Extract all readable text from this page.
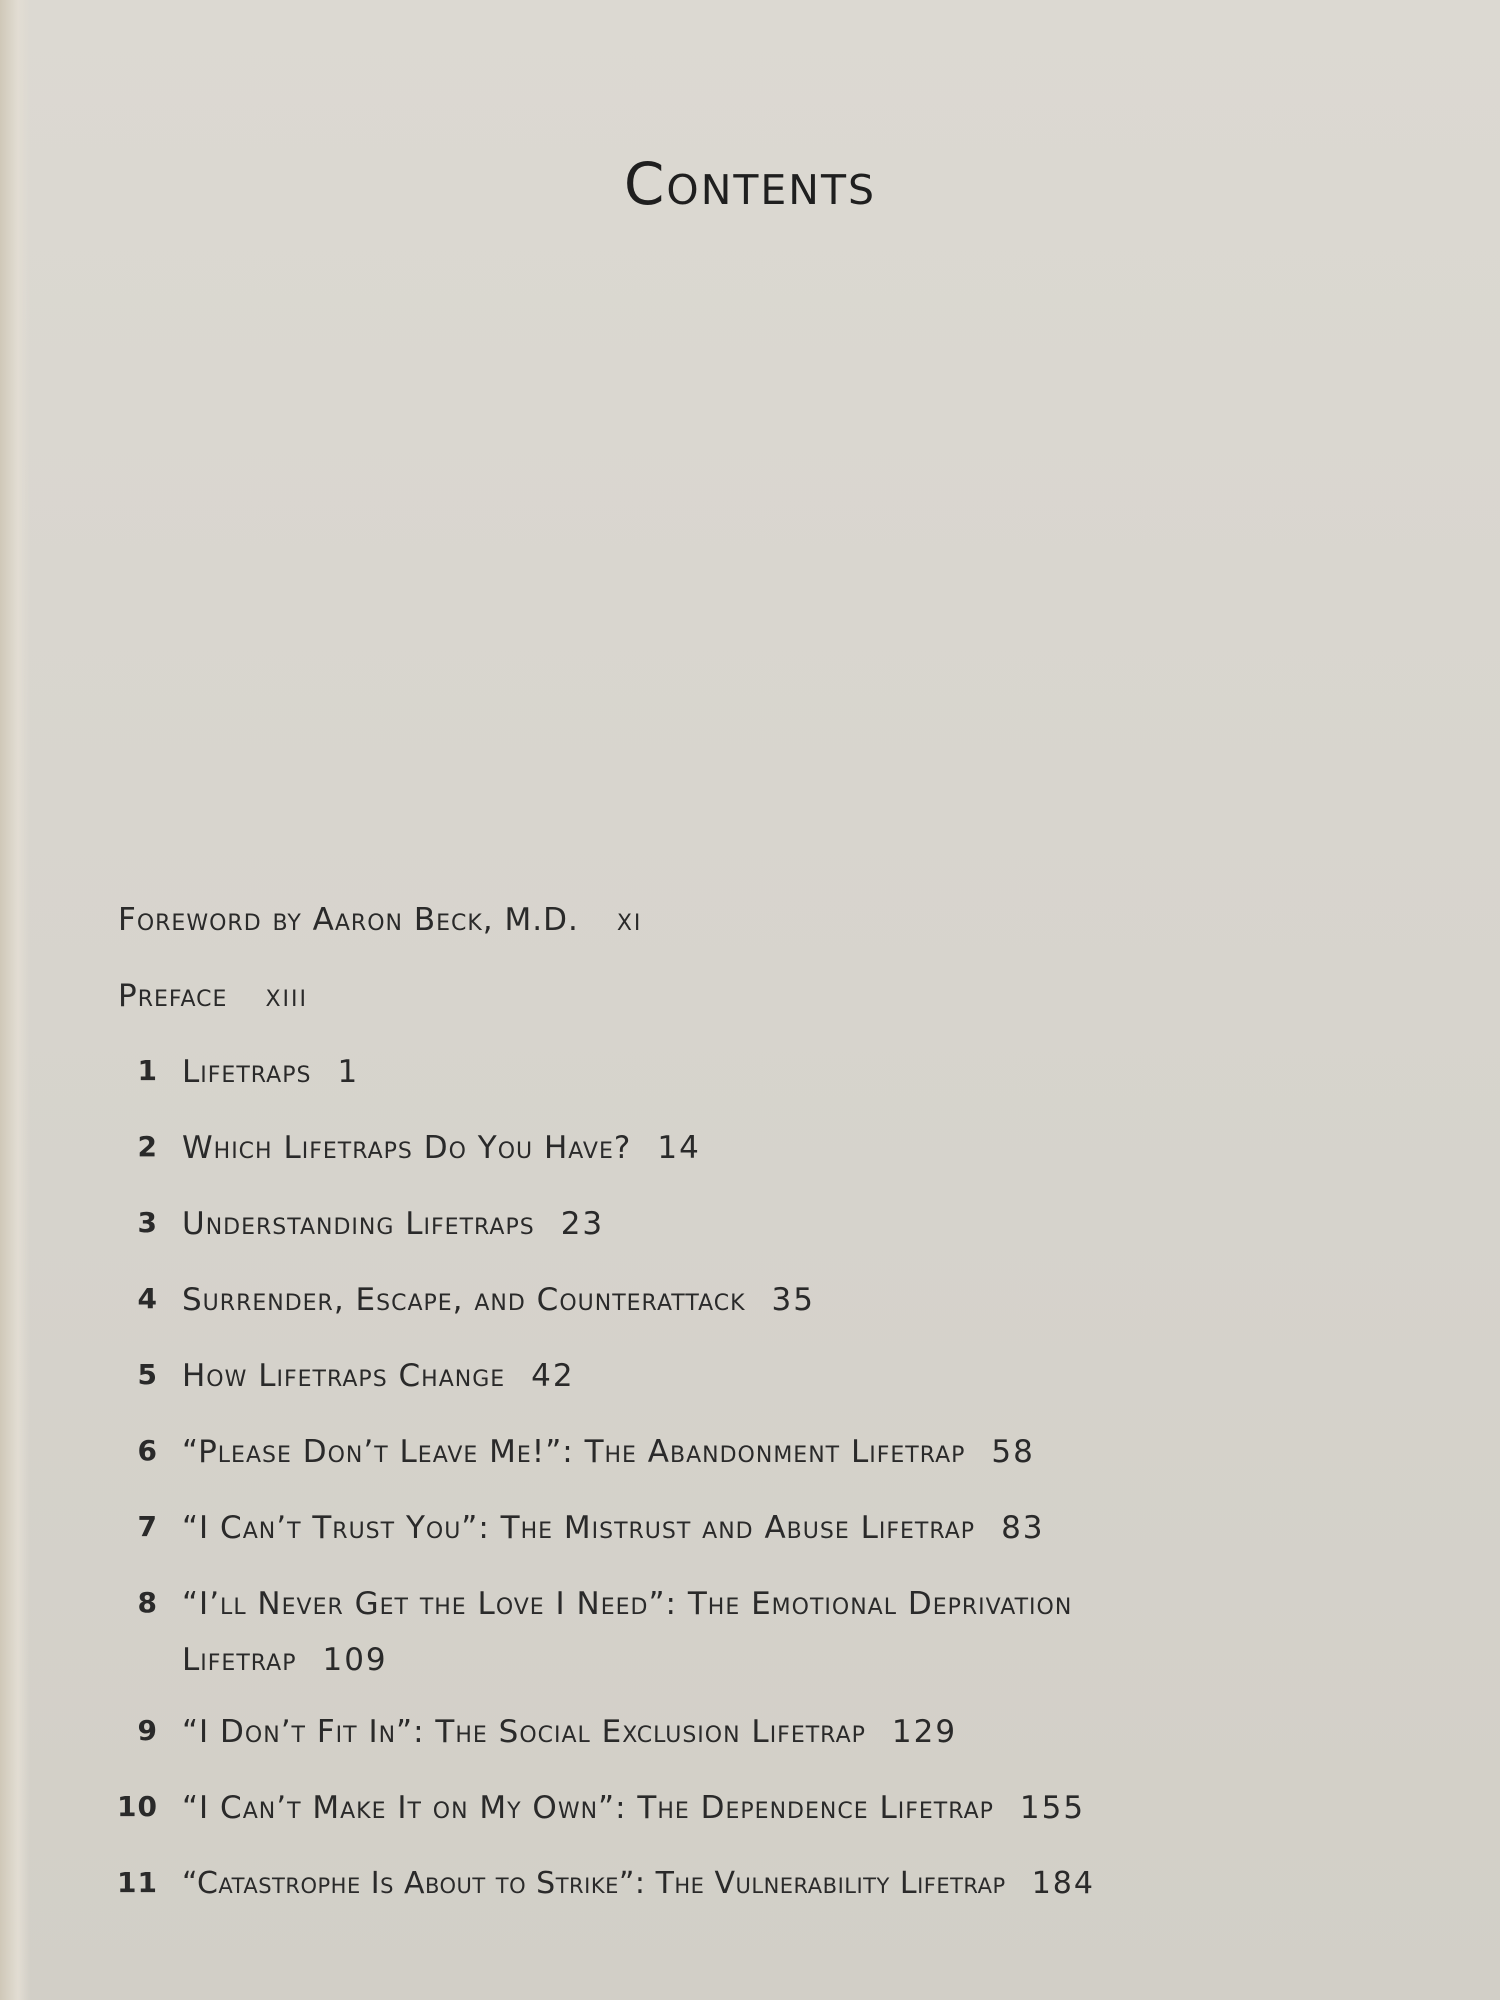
Contents
Foreword by Aaron Beck, M.D. xi
Preface xiii
1 Lifetraps 1
2 Which Lifetraps Do You Have? 14
3 Understanding Lifetraps 23
4 Surrender, Escape, and Counterattack 35
5 How Lifetraps Change 42
6 “Please Don’t Leave Me!”: The Abandonment Lifetrap 58
7 “I Can’t Trust You”: The Mistrust and Abuse Lifetrap 83
8 “I’ll Never Get the Love I Need”: The Emotional Deprivation
Lifetrap 109
9 “I Don’t Fit In”: The Social Exclusion Lifetrap 129
10 “I Can’t Make It on My Own”: The Dependence Lifetrap 155
11 “Catastrophe Is About to Strike”: The Vulnerability Lifetrap 184
